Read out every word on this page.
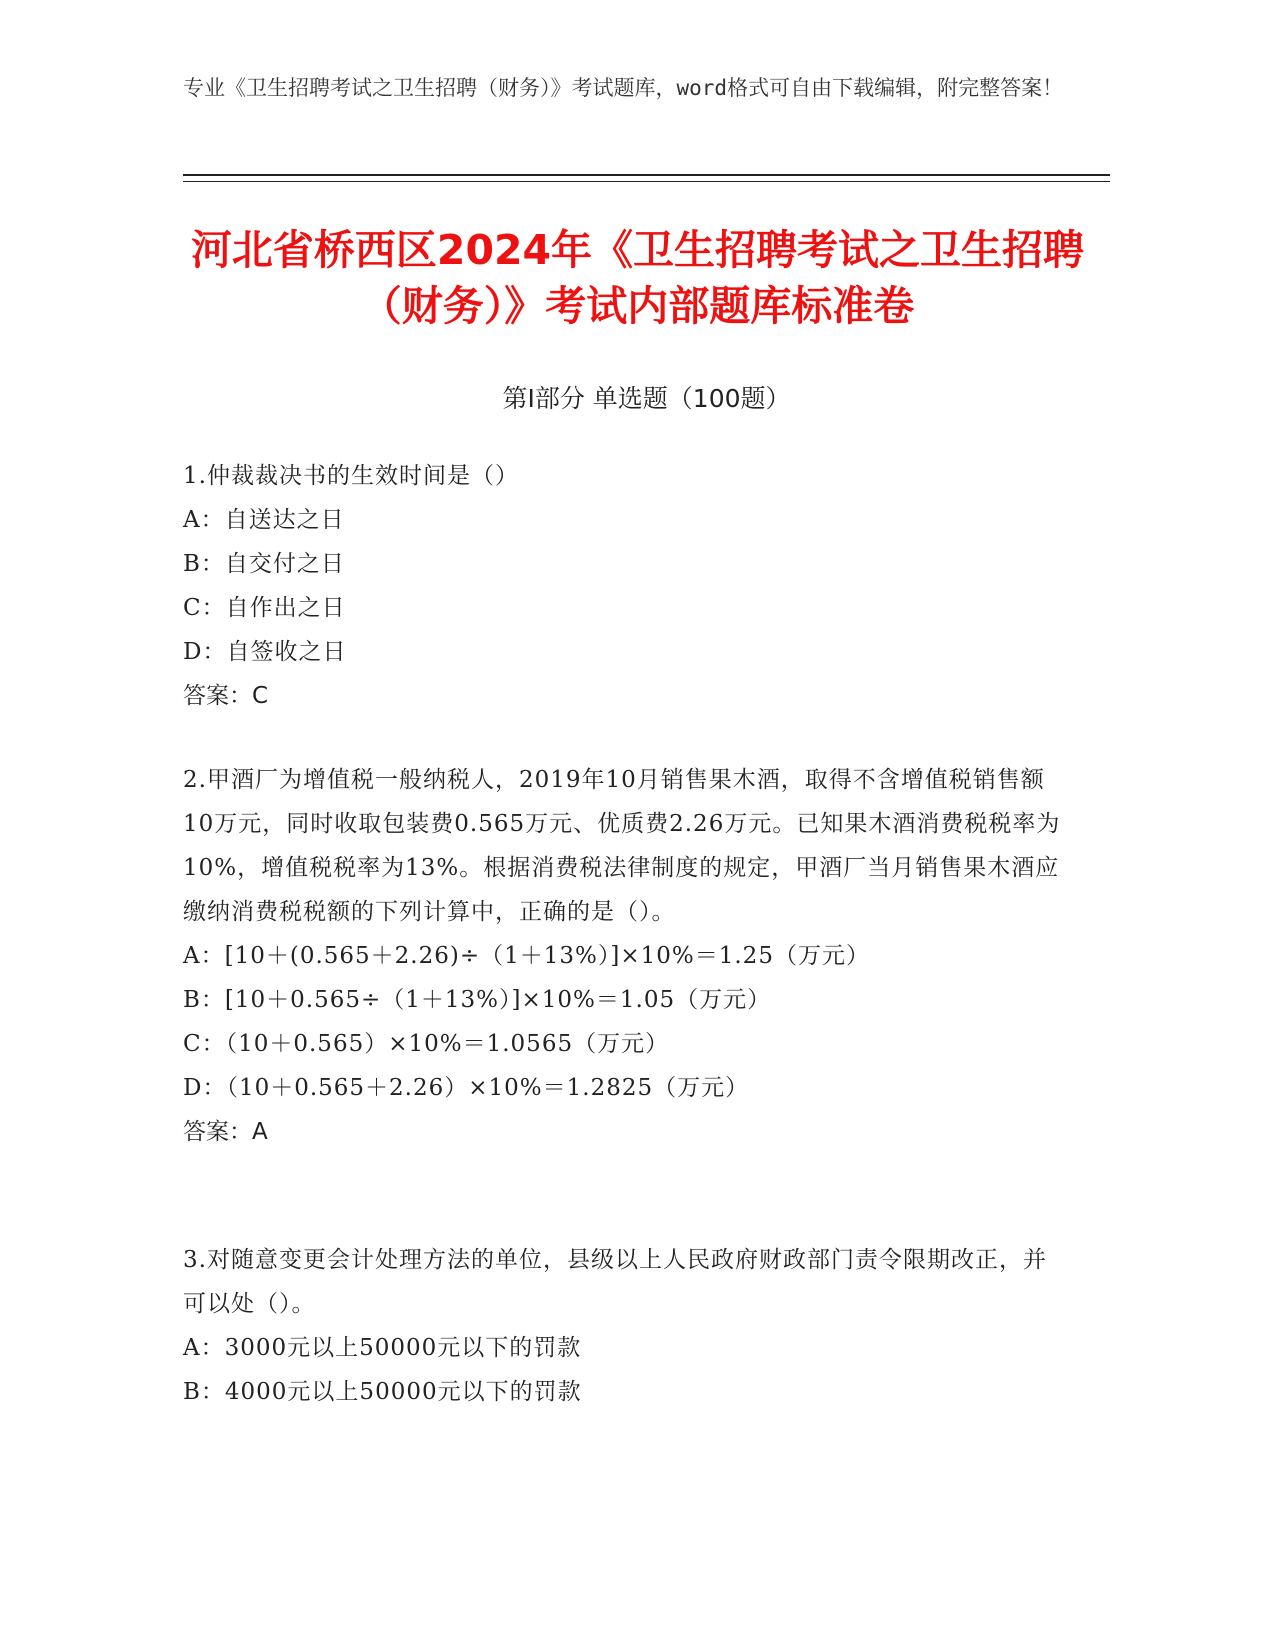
专业《卫生招聘考试之卫生招聘（财务）》考试题库，word格式可自由下载编辑，附完整答案！
河北省桥西区2024年《卫生招聘考试之卫生招聘（财务）》考试内部题库标准卷
第Ⅰ部分 单选题（100题）
1.仲裁裁决书的生效时间是（）
A：自送达之日
B：自交付之日
C：自作出之日
D：自签收之日
答案：C
2.甲酒厂为增值税一般纳税人，2019年10月销售果木酒，取得不含增值税销售额10万元，同时收取包装费0.565万元、优质费2.26万元。已知果木酒消费税税率为10%，增值税税率为13%。根据消费税法律制度的规定，甲酒厂当月销售果木酒应缴纳消费税税额的下列计算中，正确的是（）。
A：[10＋(0.565＋2.26)÷（1＋13%）]×10%＝1.25（万元）
B：[10＋0.565÷（1＋13%）]×10%＝1.05（万元）
C：（10＋0.565）×10%＝1.0565（万元）
D：（10＋0.565＋2.26）×10%＝1.2825（万元）
答案：A
3.对随意变更会计处理方法的单位，县级以上人民政府财政部门责令限期改正，并可以处（）。
A：3000元以上50000元以下的罚款
B：4000元以上50000元以下的罚款
